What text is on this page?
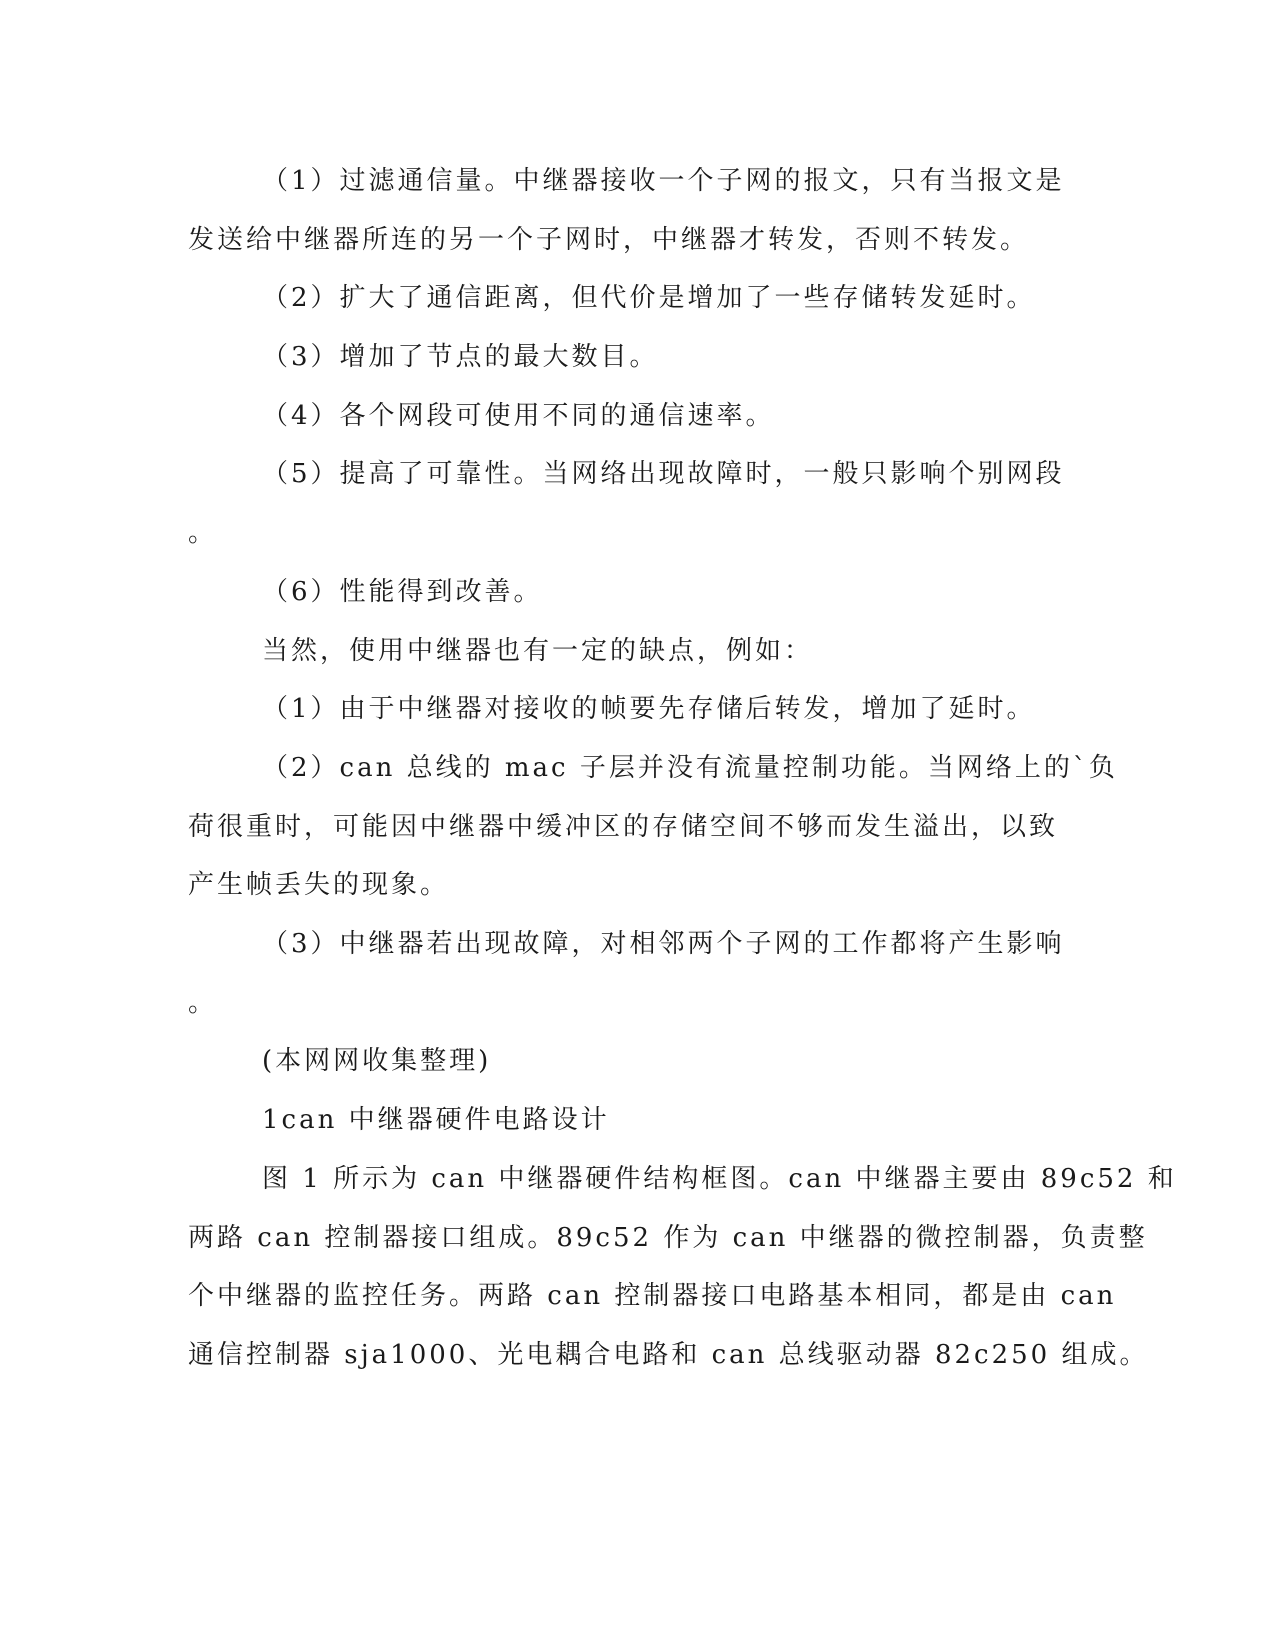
（1）过滤通信量。中继器接收一个子网的报文，只有当报文是
发送给中继器所连的另一个子网时，中继器才转发，否则不转发。
（2）扩大了通信距离，但代价是增加了一些存储转发延时。
（3）增加了节点的最大数目。
（4）各个网段可使用不同的通信速率。
（5）提高了可靠性。当网络出现故障时，一般只影响个别网段
。
（6）性能得到改善。
当然，使用中继器也有一定的缺点，例如：
（1）由于中继器对接收的帧要先存储后转发，增加了延时。
（2）can 总线的 mac 子层并没有流量控制功能。当网络上的`负
荷很重时，可能因中继器中缓冲区的存储空间不够而发生溢出，以致
产生帧丢失的现象。
（3）中继器若出现故障，对相邻两个子网的工作都将产生影响
。
(本网网收集整理)
1can 中继器硬件电路设计
图 1 所示为 can 中继器硬件结构框图。can 中继器主要由 89c52 和
两路 can 控制器接口组成。89c52 作为 can 中继器的微控制器，负责整
个中继器的监控任务。两路 can 控制器接口电路基本相同，都是由 can
通信控制器 sja1000、光电耦合电路和 can 总线驱动器 82c250 组成。
